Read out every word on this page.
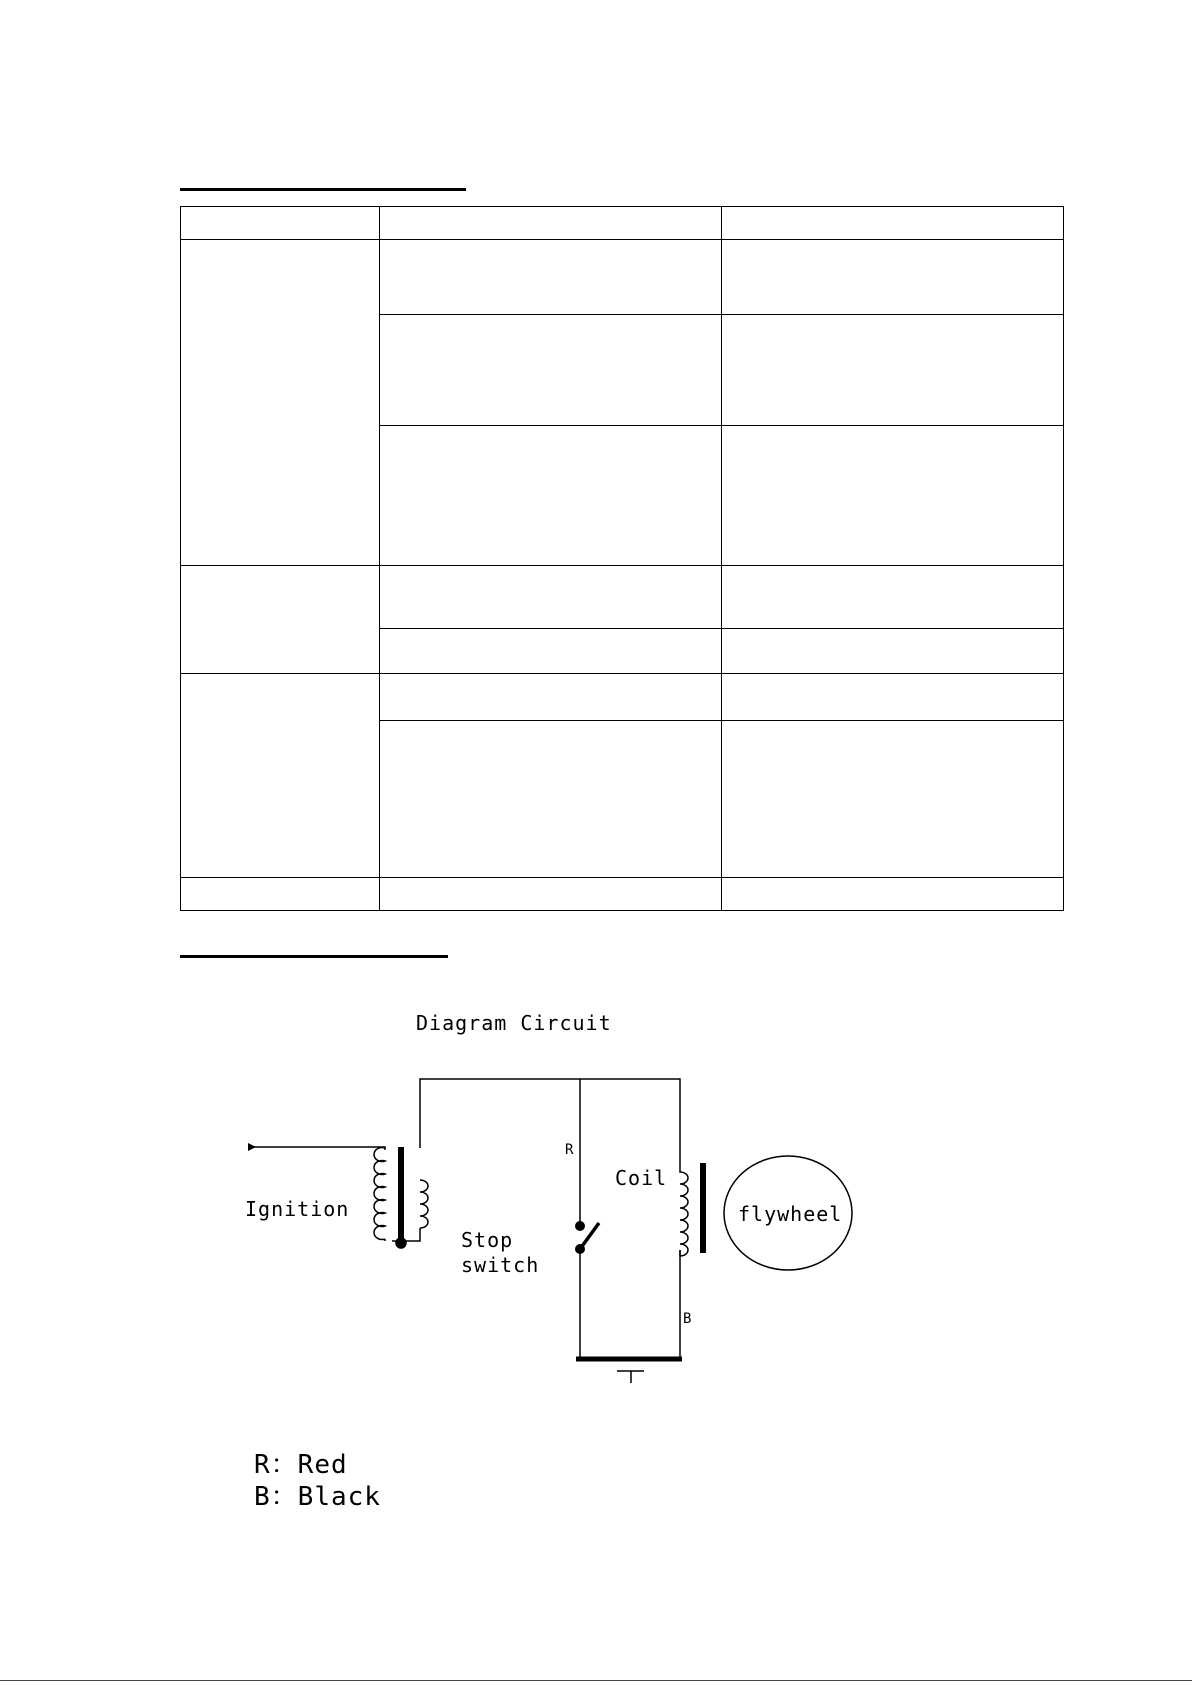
Diagram Circuit
R
B
Ignition
Stop
switch
Coil
flywheel
R：Red
B：Black
